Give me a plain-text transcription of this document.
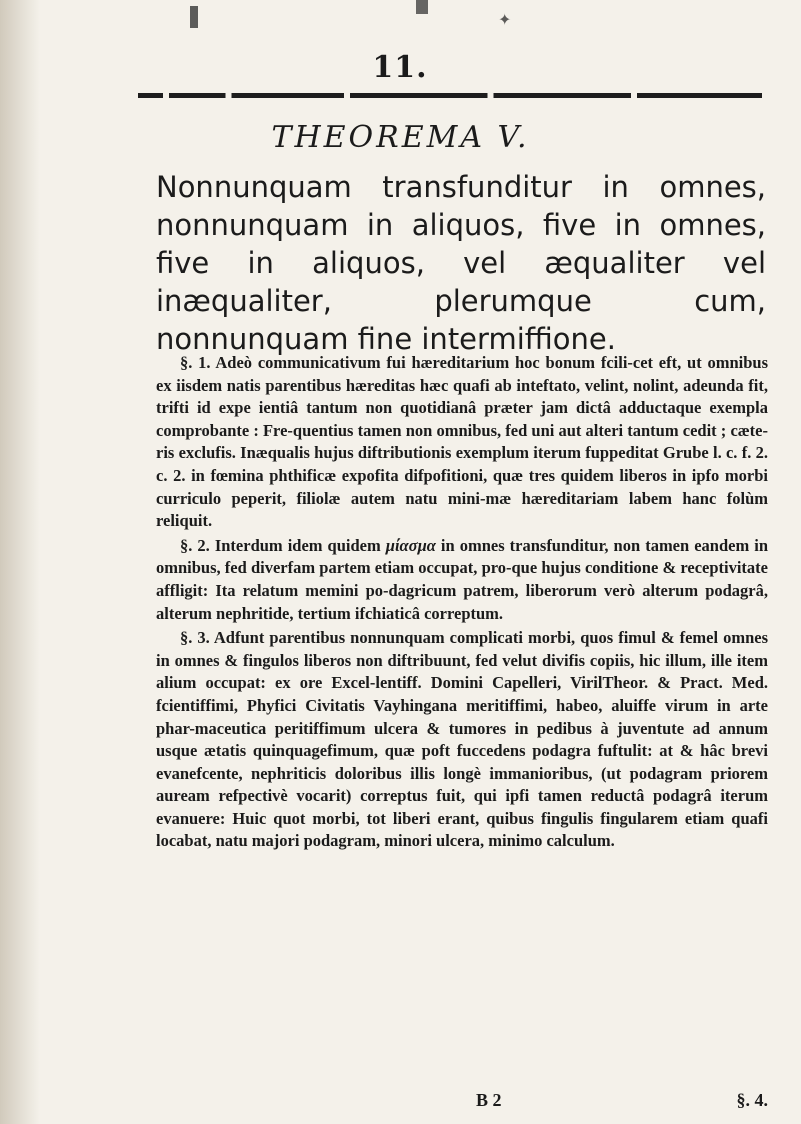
✦
11.
THEOREMA V.
Nonnunquam transfunditur in omnes, nonnunquam in aliquos, five in omnes, five in aliquos, vel æqualiter vel inæqualiter, plerumque cum, nonnunquam fine intermiffione.

§. 1. Adeò communicativum fui hæreditarium hoc bonum fcili-cet eft, ut omnibus ex iisdem natis parentibus hæreditas hæc quafi ab inteftato, velint, nolint, adeunda fit, trifti id expe ientiâ tantum non quotidianâ præter jam dictâ adductaque exempla comprobante : Fre-quentius tamen non omnibus, fed uni aut alteri tantum cedit ; cæte-ris exclufis. Inæqualis hujus diftributionis exemplum iterum fuppeditat Grube l. c. f. 2. c. 2. in fœmina phthificæ expofita difpofitioni, quæ tres quidem liberos in ipfo morbi curriculo peperit, filiolæ autem natu mini-mæ hæreditariam labem hanc folùm reliquit.

§. 2. Interdum idem quidem μίασμα in omnes transfunditur, non tamen eandem in omnibus, fed diverfam partem etiam occupat, pro-que hujus conditione & receptivitate affligit: Ita relatum memini po-dagricum patrem, liberorum verò alterum podagrâ, alterum nephritide, tertium ifchiaticâ correptum.

§. 3. Adfunt parentibus nonnunquam complicati morbi, quos fimul & femel omnes in omnes & fingulos liberos non diftribuunt, fed velut divifis copiis, hic illum, ille item alium occupat: ex ore Excel-lentiff. Domini Capelleri, VirilTheor. & Pract. Med. fcientiffimi, Phyfici Civitatis Vayhingana meritiffimi, habeo, aluiffe virum in arte phar-maceutica peritiffimum ulcera & tumores in pedibus à juventute ad annum usque ætatis quinquagefimum, quæ poft fuccedens podagra fuftulit: at & hâc brevi evanefcente, nephriticis doloribus illis longè immanioribus, (ut podagram priorem auream refpectivè vocarit) correptus fuit, qui ipfi tamen reductâ podagrâ iterum evanuere: Huic quot morbi, tot liberi erant, quibus fingulis fingularem etiam quafi locabat, natu majori podagram, minori ulcera, minimo calculum.

B 2	§. 4.
